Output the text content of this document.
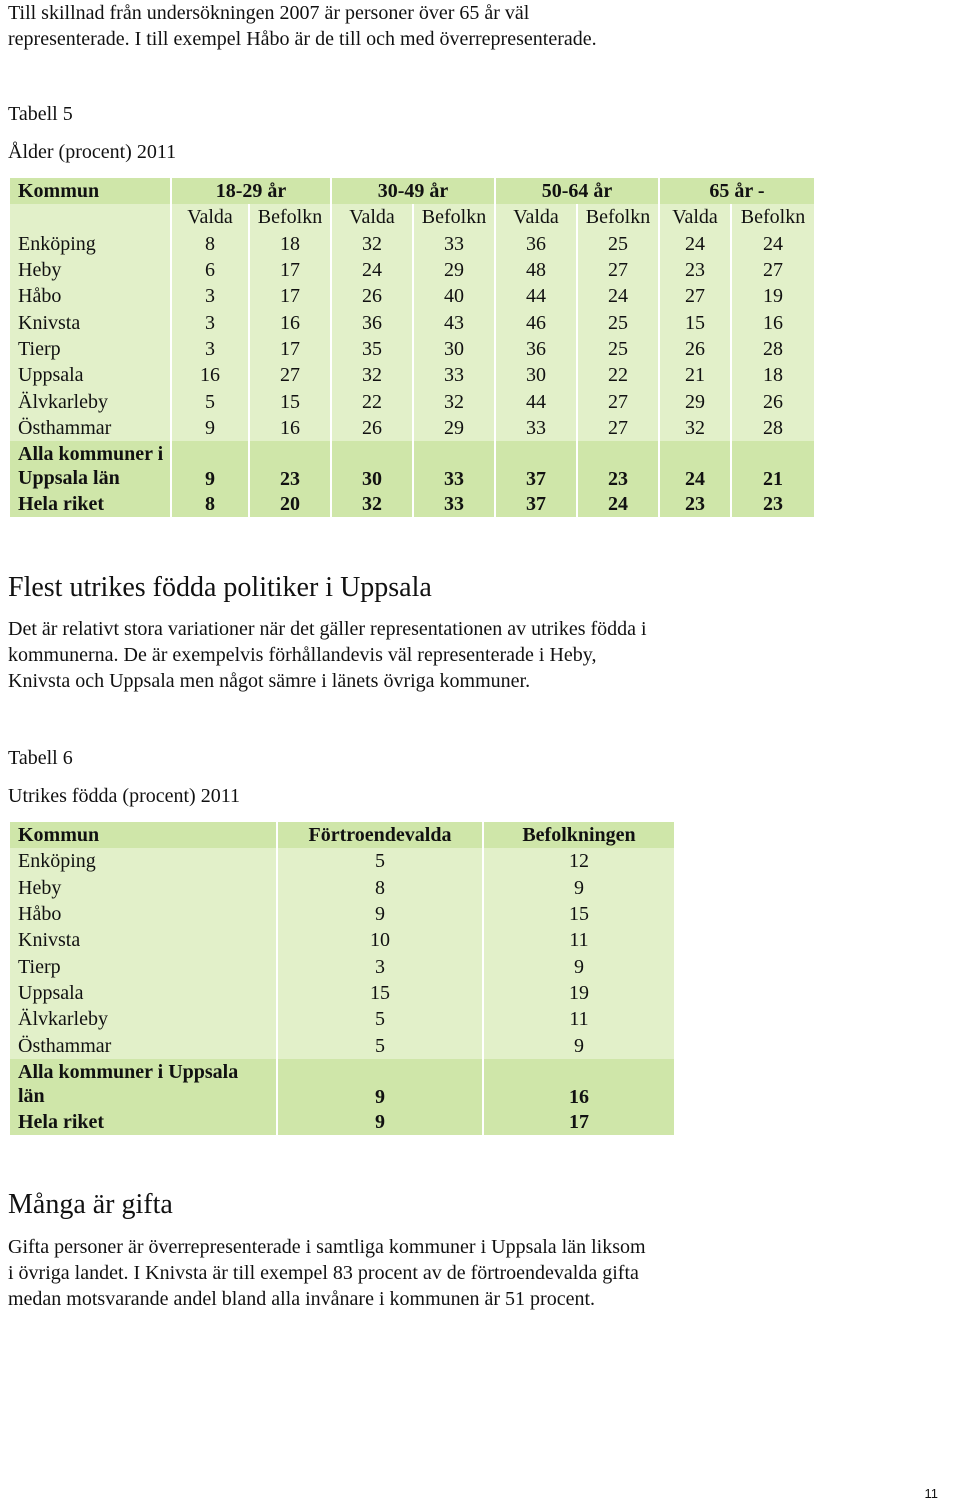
Till skillnad från undersökningen 2007 är personer över 65 år väl

representerade. I till exempel Håbo är de till och med överrepresenterade.

Tabell 5

Ålder (procent) 2011

Kommun	18-29 år		30-49 år		50-64 år		65 år -	
	Valda	Befolkn	Valda	Befolkn	Valda	Befolkn	Valda	Befolkn
Enköping	8	18	32	33	36	25	24	24
Heby	6	17	24	29	48	27	23	27
Håbo	3	17	26	40	44	24	27	19
Knivsta	3	16	36	43	46	25	15	16
Tierp	3	17	35	30	36	25	26	28
Uppsala	16	27	32	33	30	22	21	18
Älvkarleby	5	15	22	32	44	27	29	26
Östhammar	9	16	26	29	33	27	32	28
Alla kommuner i
Uppsala län	9	23	30	33	37	23	24	21
Hela riket	8	20	32	33	37	24	23	23
Flest utrikes födda politiker i Uppsala

Det är relativt stora variationer när det gäller representationen av utrikes födda i

kommunerna. De är exempelvis förhållandevis väl representerade i Heby,

Knivsta och Uppsala men något sämre i länets övriga kommuner.

Tabell 6

Utrikes födda (procent) 2011

Kommun	Förtroendevalda	Befolkningen
Enköping	5	12
Heby	8	9
Håbo	9	15
Knivsta	10	11
Tierp	3	9
Uppsala	15	19
Älvkarleby	5	11
Östhammar	5	9
Alla kommuner i Uppsala
län	9	16
Hela riket	9	17
Många är gifta

Gifta personer är överrepresenterade i samtliga kommuner i Uppsala län liksom

i övriga landet. I Knivsta är till exempel 83 procent av de förtroendevalda gifta

medan motsvarande andel bland alla invånare i kommunen är 51 procent.

11
